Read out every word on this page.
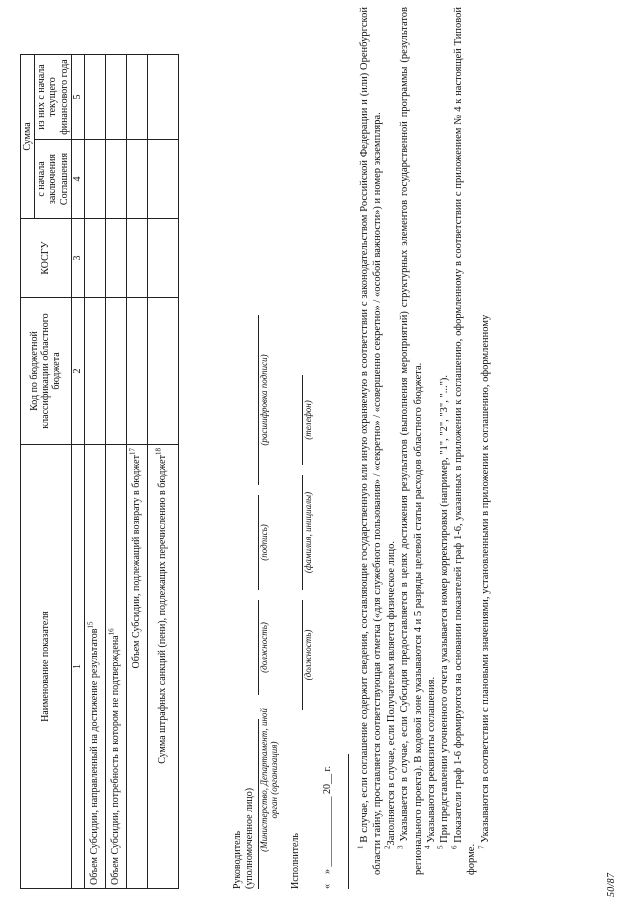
Наименование показателя	Код по бюджетной классификации областного бюджета	КОСГУ	Сумма	
			с начала заключения Соглашения	из них с начала текущего финансового года
1	2	3	4	5
Объем Субсидии, направленный на достижение результатов$^{15}$				
Объем Субсидии, потребность в котором не подтверждена$^{16}$				
Объем Субсидии, подлежащий возврату в бюджет$^{17}$				
Сумма штрафных санкций (пени), подлежащих перечислению в бюджет$^{18}$				
Руководитель (уполномоченное лицо) (Министерство, Департамент, иной орган (организация)
(должность)
(подпись)
(расшифровка подписи)
Исполнитель
(должность)
(фамилия, инициалы)
(телефон)
«    » ______________ 20__ г.

$^1$ В случае, если соглашение содержит сведения, составляющие государственную или иную охраняемую в соответствии с законодательством Российской Федерации и (или) Оренбургской области тайну, проставляется соответствующая отметка («для служебного пользования» / «секретно» / «совершенно секретно» / «особой важности») и номер экземпляра. $^2$Заполняется в случае, если Получателем является физическое лицо.

$^3$ Указывается в случае, если Субсидия предоставляется в целях достижения результатов (выполнения мероприятий) структурных элементов государственной программы (результатов регионального проекта). В кодовой зоне указываются 4 и 5 разряды целевой статьи расходов областного бюджета. $^4$ Указываются реквизиты соглашения.

$^5$ При представлении уточненного отчета указывается номер корректировки (например, "1", "2", "3", "...").

$^6$ Показатели граф 1-6 формируются на основании показателей граф 1-6, указанных в приложении к соглашению, оформленному в соответствии с приложением № 4 к настоящей Типовой форме. $^7$ Указываются в соответствии с плановыми значениями, установленными в приложении к соглашению, оформленному

50/87
